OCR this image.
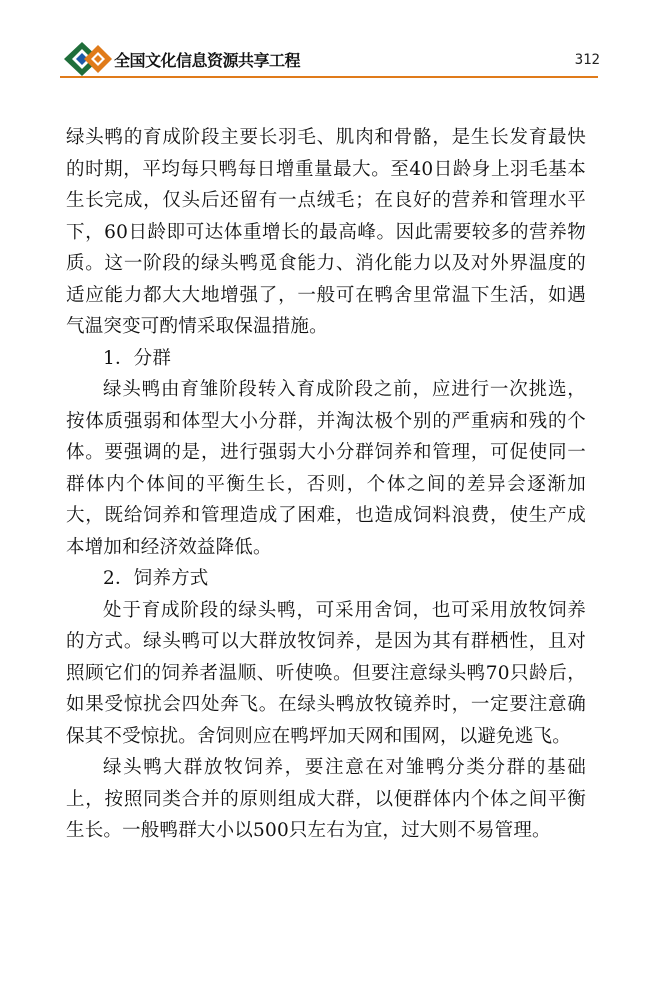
全国文化信息资源共享工程	312

绿头鸭的育成阶段主要长羽毛、肌肉和骨骼，是生长发育最快的时期，平均每只鸭每日增重量最大。至40日龄身上羽毛基本生长完成，仅头后还留有一点绒毛；在良好的营养和管理水平下，60日龄即可达体重增长的最高峰。因此需要较多的营养物质。这一阶段的绿头鸭觅食能力、消化能力以及对外界温度的适应能力都大大地增强了，一般可在鸭舍里常温下生活，如遇气温突变可酌情采取保温措施。

1．分群

绿头鸭由育雏阶段转入育成阶段之前，应进行一次挑选，按体质强弱和体型大小分群，并淘汰极个别的严重病和残的个体。要强调的是，进行强弱大小分群饲养和管理，可促使同一群体内个体间的平衡生长，否则，个体之间的差异会逐渐加大，既给饲养和管理造成了困难，也造成饲料浪费，使生产成本增加和经济效益降低。

2．饲养方式

处于育成阶段的绿头鸭，可采用舍饲，也可采用放牧饲养的方式。绿头鸭可以大群放牧饲养，是因为其有群栖性，且对照顾它们的饲养者温顺、听使唤。但要注意绿头鸭70只龄后，如果受惊扰会四处奔飞。在绿头鸭放牧镜养时，一定要注意确保其不受惊扰。舍饲则应在鸭坪加天网和围网，以避免逃飞。

绿头鸭大群放牧饲养，要注意在对雏鸭分类分群的基础上，按照同类合并的原则组成大群，以便群体内个体之间平衡生长。一般鸭群大小以500只左右为宜，过大则不易管理。
